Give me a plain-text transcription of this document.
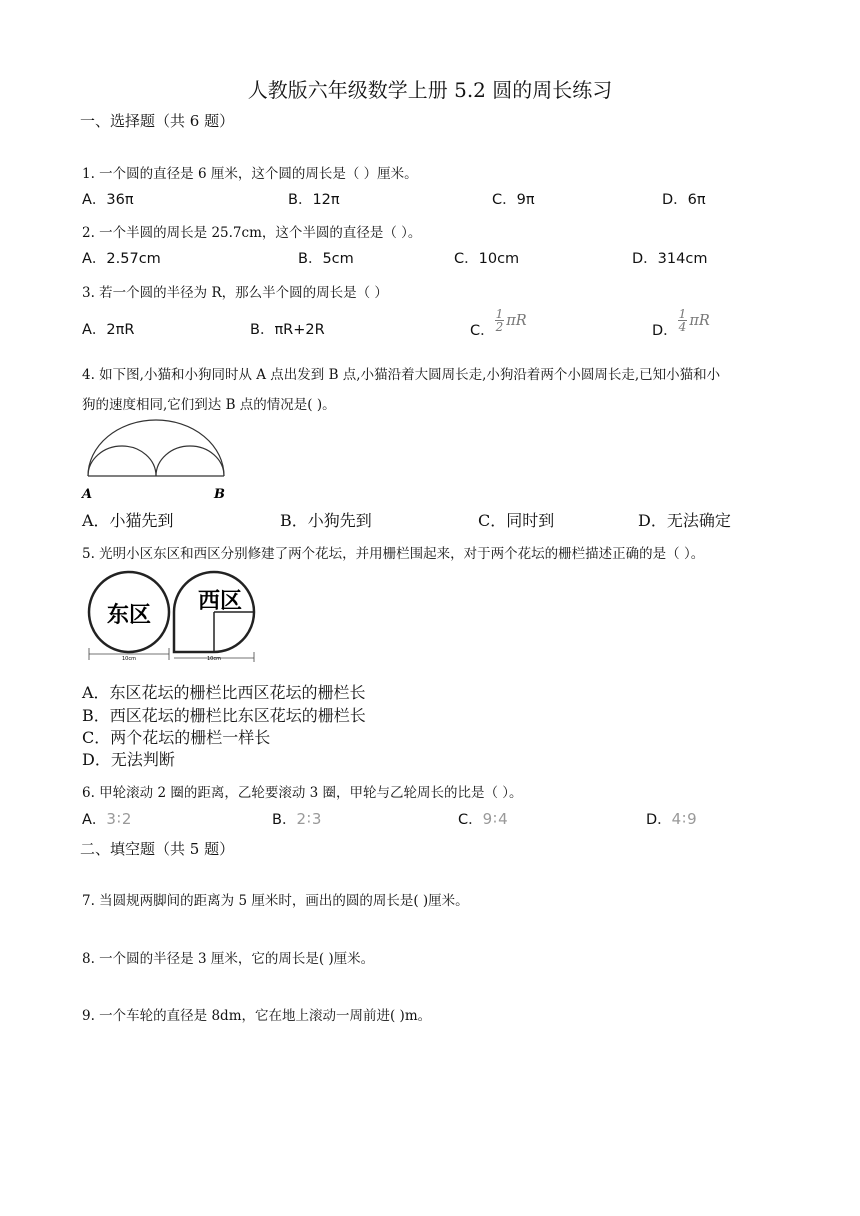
人教版六年级数学上册 5.2 圆的周长练习
一、选择题（共 6 题）
1. 一个圆的直径是 6 厘米，这个圆的周长是（ ）厘米。
A．36π	B．12π	C．9π	D．6π
2. 一个半圆的周长是 25.7cm，这个半圆的直径是（ ）。
A．2.57cm	B．5cm	C．10cm	D．314cm
3. 若一个圆的半径为 R，那么半个圆的周长是（ ）
A．2πR	B．πR+2R	C． $\frac{1}{2}$ πR
D． $\frac{1}{4}$ πR
4. 如下图,小猫和小狗同时从 A 点出发到 B 点,小猫沿着大圆周长走,小狗沿着两个小圆周长走,已知小猫和小
狗的速度相同,它们到达 B 点的情况是( )。
A	B
A．小猫先到	B．小狗先到	C．同时到	D．无法确定
5. 光明小区东区和西区分别修建了两个花坛，并用栅栏围起来，对于两个花坛的栅栏描述正确的是（ ）。
东区
西区
10cm	10cm
A．东区花坛的栅栏比西区花坛的栅栏长
B．西区花坛的栅栏比东区花坛的栅栏长
C．两个花坛的栅栏一样长
D．无法判断
6. 甲轮滚动 2 圈的距离，乙轮要滚动 3 圈，甲轮与乙轮周长的比是（ ）。
A．3∶2	B．2∶3	C．9∶4	D．4∶9
二、填空题（共 5 题）
7. 当圆规两脚间的距离为 5 厘米时，画出的圆的周长是( )厘米。
8. 一个圆的半径是 3 厘米，它的周长是( )厘米。
9. 一个车轮的直径是 8dm，它在地上滚动一周前进( )m。
